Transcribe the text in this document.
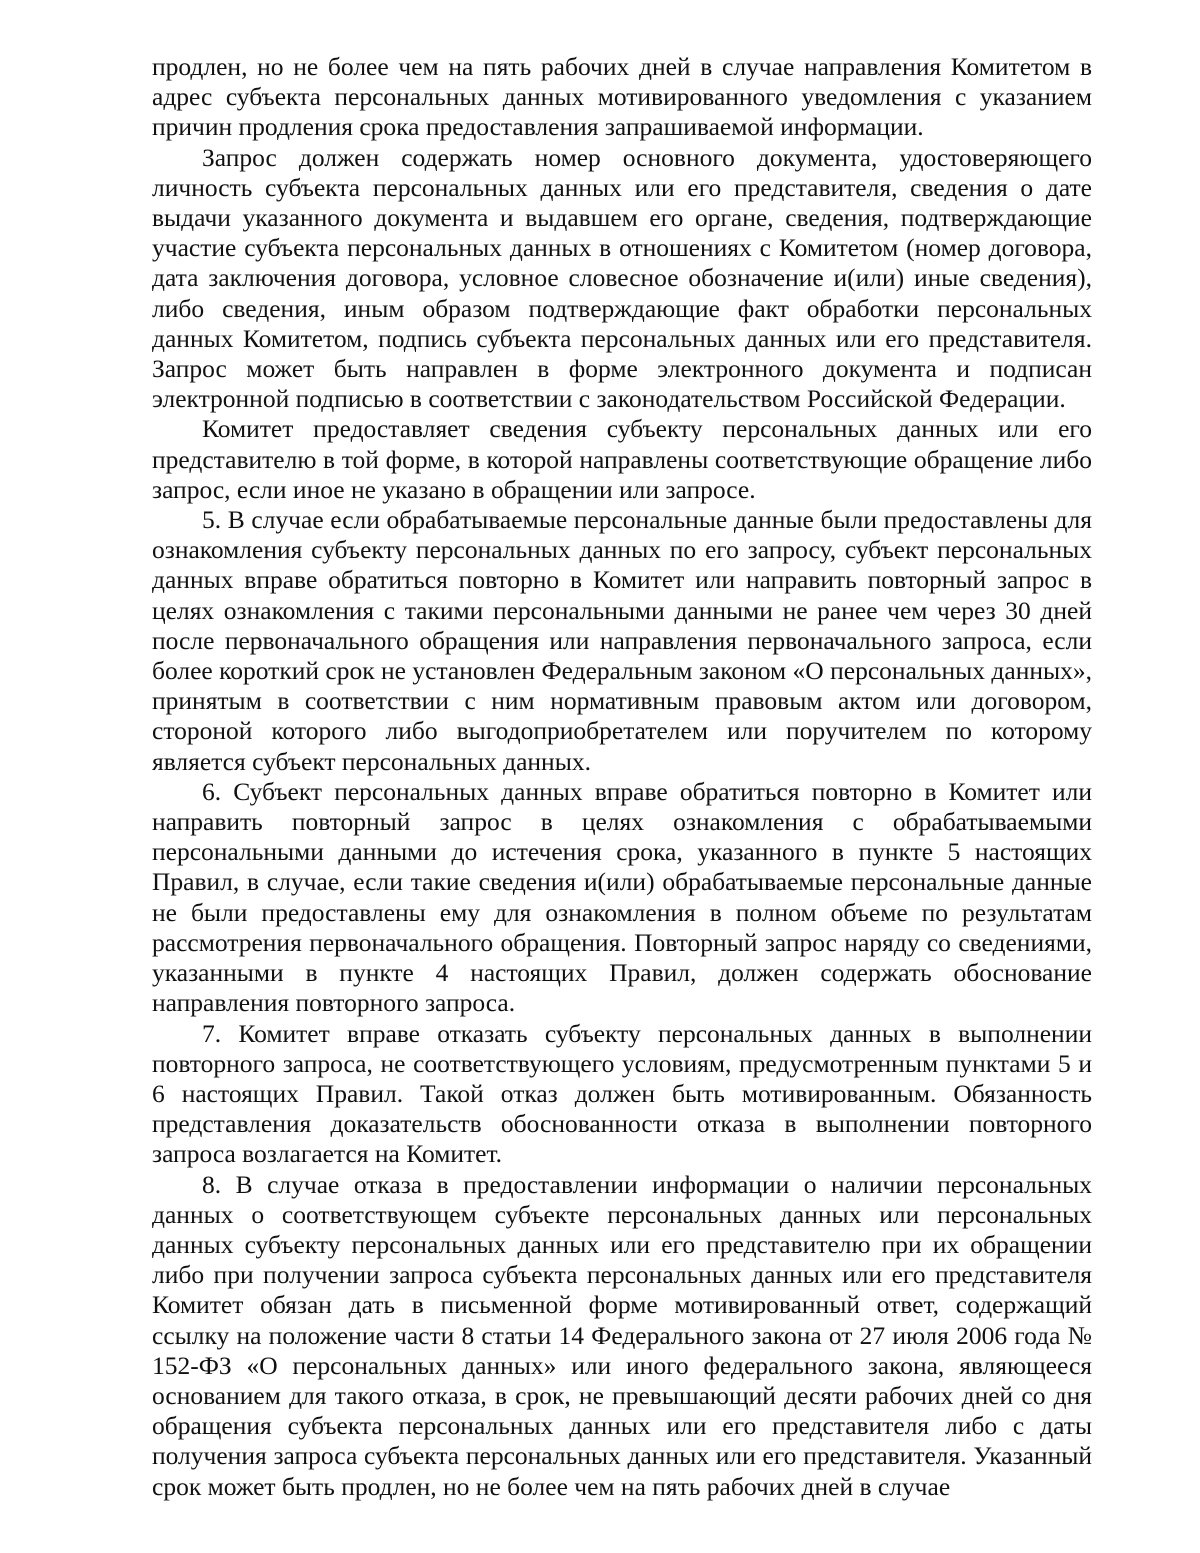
продлен, но не более чем на пять рабочих дней в случае направления Комитетом в адрес субъекта персональных данных мотивированного уведомления с указанием причин продления срока предоставления запрашиваемой информации.

Запрос должен содержать номер основного документа, удостоверяющего личность субъекта персональных данных или его представителя, сведения о дате выдачи указанного документа и выдавшем его органе, сведения, подтверждающие участие субъекта персональных данных в отношениях с Комитетом (номер договора, дата заключения договора, условное словесное обозначение и(или) иные сведения), либо сведения, иным образом подтверждающие факт обработки персональных данных Комитетом, подпись субъекта персональных данных или его представителя. Запрос может быть направлен в форме электронного документа и подписан электронной подписью в соответствии с законодательством Российской Федерации.

Комитет предоставляет сведения субъекту персональных данных или его представителю в той форме, в которой направлены соответствующие обращение либо запрос, если иное не указано в обращении или запросе.

5. В случае если обрабатываемые персональные данные были предоставлены для ознакомления субъекту персональных данных по его запросу, субъект персональных данных вправе обратиться повторно в Комитет или направить повторный запрос в целях ознакомления с такими персональными данными не ранее чем через 30 дней после первоначального обращения или направления первоначального запроса, если более короткий срок не установлен Федеральным законом «О персональных данных», принятым в соответствии с ним нормативным правовым актом или договором, стороной которого либо выгодоприобретателем или поручителем по которому является субъект персональных данных.

6. Субъект персональных данных вправе обратиться повторно в Комитет или направить повторный запрос в целях ознакомления с обрабатываемыми персональными данными до истечения срока, указанного в пункте 5 настоящих Правил, в случае, если такие сведения и(или) обрабатываемые персональные данные не были предоставлены ему для ознакомления в полном объеме по результатам рассмотрения первоначального обращения. Повторный запрос наряду со сведениями, указанными в пункте 4 настоящих Правил, должен содержать обоснование направления повторного запроса.

7. Комитет вправе отказать субъекту персональных данных в выполнении повторного запроса, не соответствующего условиям, предусмотренным пунктами 5 и 6 настоящих Правил. Такой отказ должен быть мотивированным. Обязанность представления доказательств обоснованности отказа в выполнении повторного запроса возлагается на Комитет.

8. В случае отказа в предоставлении информации о наличии персональных данных о соответствующем субъекте персональных данных или персональных данных субъекту персональных данных или его представителю при их обращении либо при получении запроса субъекта персональных данных или его представителя Комитет обязан дать в письменной форме мотивированный ответ, содержащий ссылку на положение части 8 статьи 14 Федерального закона от 27 июля 2006 года № 152-ФЗ «О персональных данных» или иного федерального закона, являющееся основанием для такого отказа, в срок, не превышающий десяти рабочих дней со дня обращения субъекта персональных данных или его представителя либо с даты получения запроса субъекта персональных данных или его представителя. Указанный срок может быть продлен, но не более чем на пять рабочих дней в случае
